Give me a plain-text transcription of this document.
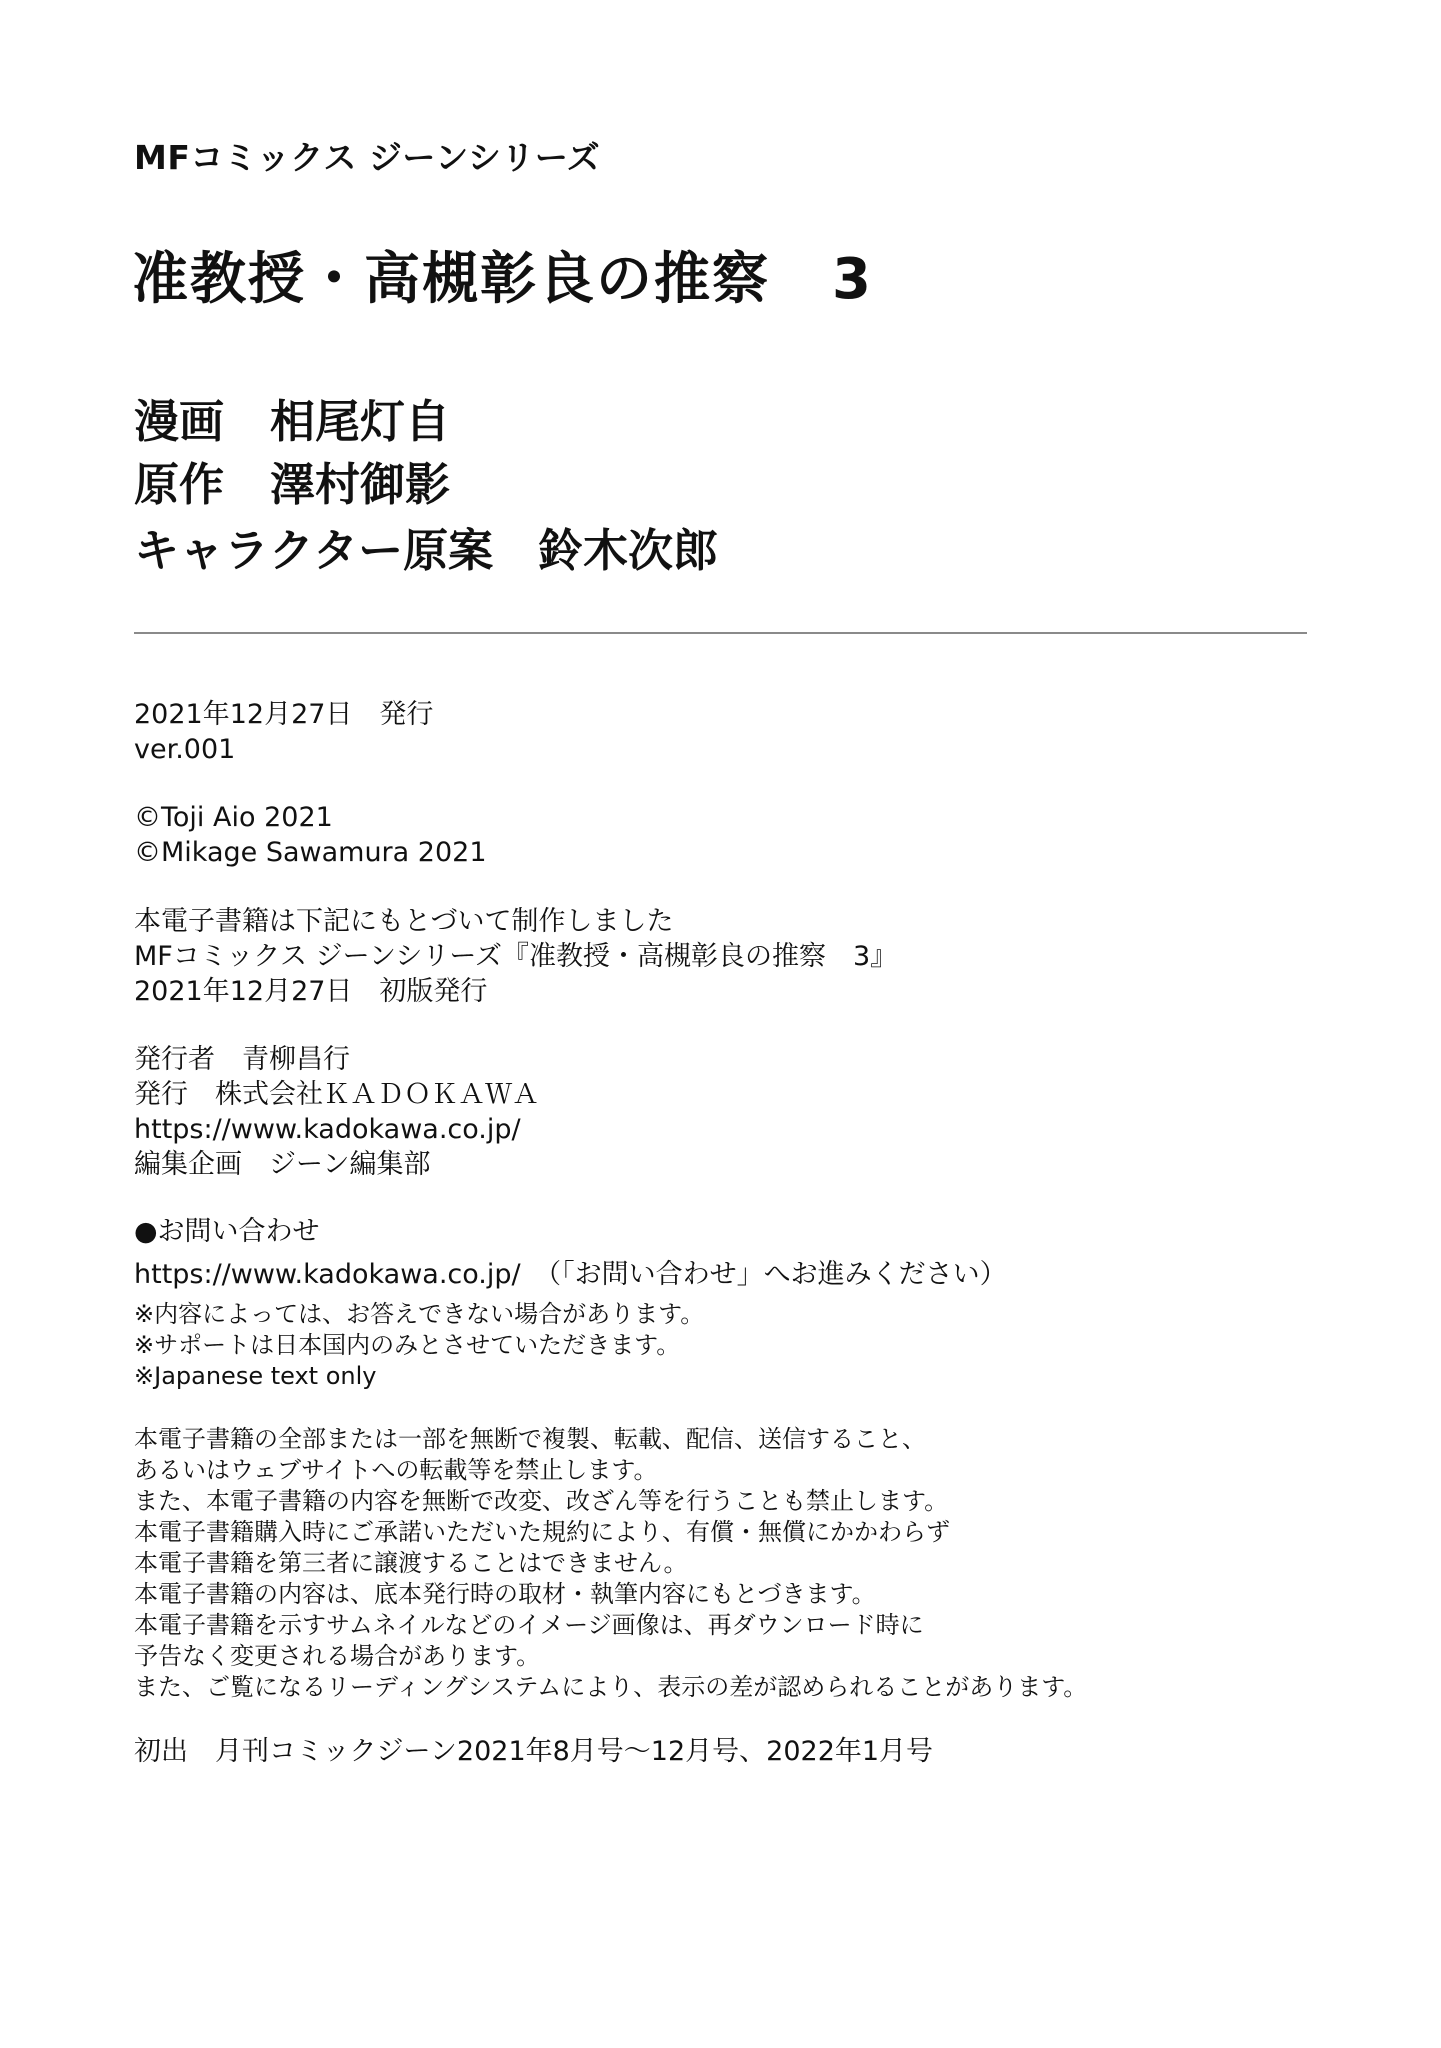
MFコミックス ジーンシリーズ
准教授・高槻彰良の推察 3
漫画 相尾灯自
原作 澤村御影
キャラクター原案 鈴木次郎
2021年12月27日　発行
ver.001
©Toji Aio 2021
©Mikage Sawamura 2021
本電子書籍は下記にもとづいて制作しました
MFコミックス ジーンシリーズ『准教授・高槻彰良の推察　3』
2021年12月27日　初版発行
発行者　青柳昌行
発行　株式会社ＫＡＤＯＫＡＷＡ
https://www.kadokawa.co.jp/
編集企画　ジーン編集部
●お問い合わせ
https://www.kadokawa.co.jp/　（「お問い合わせ」へお進みください）
※内容によっては、お答えできない場合があります。
※サポートは日本国内のみとさせていただきます。
※Japanese text only
本電子書籍の全部または一部を無断で複製、転載、配信、送信すること、
あるいはウェブサイトへの転載等を禁止します。
また、本電子書籍の内容を無断で改変、改ざん等を行うことも禁止します。
本電子書籍購入時にご承諾いただいた規約により、有償・無償にかかわらず
本電子書籍を第三者に譲渡することはできません。
本電子書籍の内容は、底本発行時の取材・執筆内容にもとづきます。
本電子書籍を示すサムネイルなどのイメージ画像は、再ダウンロード時に
予告なく変更される場合があります。
また、ご覧になるリーディングシステムにより、表示の差が認められることがあります。
初出　月刊コミックジーン2021年8月号～12月号、2022年1月号
